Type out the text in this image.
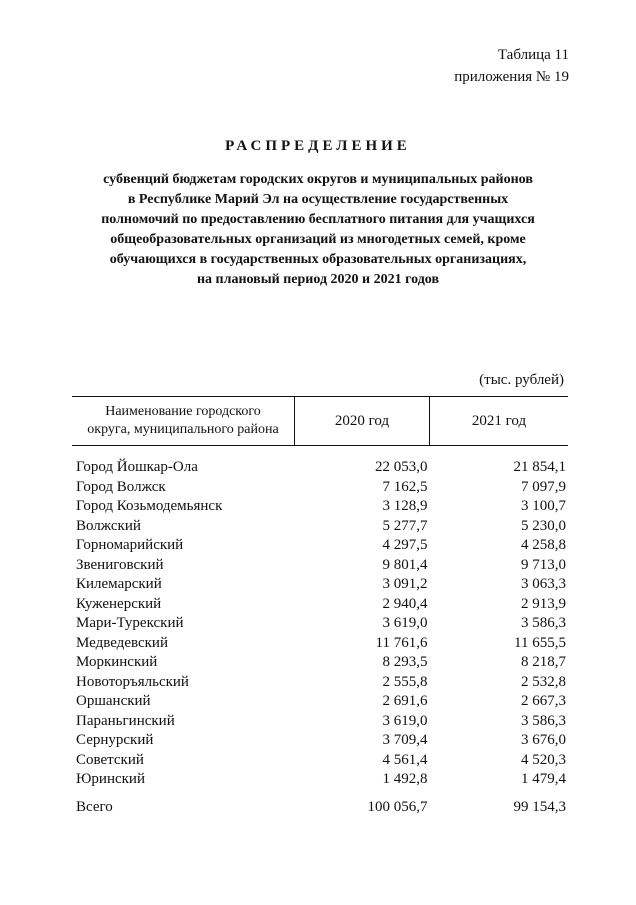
Таблица 11
приложения № 19
РАСПРЕДЕЛЕНИЕ
субвенций бюджетам городских округов и муниципальных районов
в Республике Марий Эл на осуществление государственных
полномочий по предоставлению бесплатного питания для учащихся
общеобразовательных организаций из многодетных семей, кроме
обучающихся в государственных образовательных организациях,
на плановый период 2020 и 2021 годов
(тыс. рублей)
Наименование городского
округа, муниципального района	2020 год	2021 год

Город Йошкар-Ола	22 053,0	21 854,1
Город Волжск	7 162,5	7 097,9
Город Козьмодемьянск	3 128,9	3 100,7
Волжский	5 277,7	5 230,0
Горномарийский	4 297,5	4 258,8
Звениговский	9 801,4	9 713,0
Килемарский	3 091,2	3 063,3
Куженерский	2 940,4	2 913,9
Мари-Турекский	3 619,0	3 586,3
Медведевский	11 761,6	11 655,5
Моркинский	8 293,5	8 218,7
Новоторъяльский	2 555,8	2 532,8
Оршанский	2 691,6	2 667,3
Параньгинский	3 619,0	3 586,3
Сернурский	3 709,4	3 676,0
Советский	4 561,4	4 520,3
Юринский	1 492,8	1 479,4

Всего	100 056,7	99 154,3
